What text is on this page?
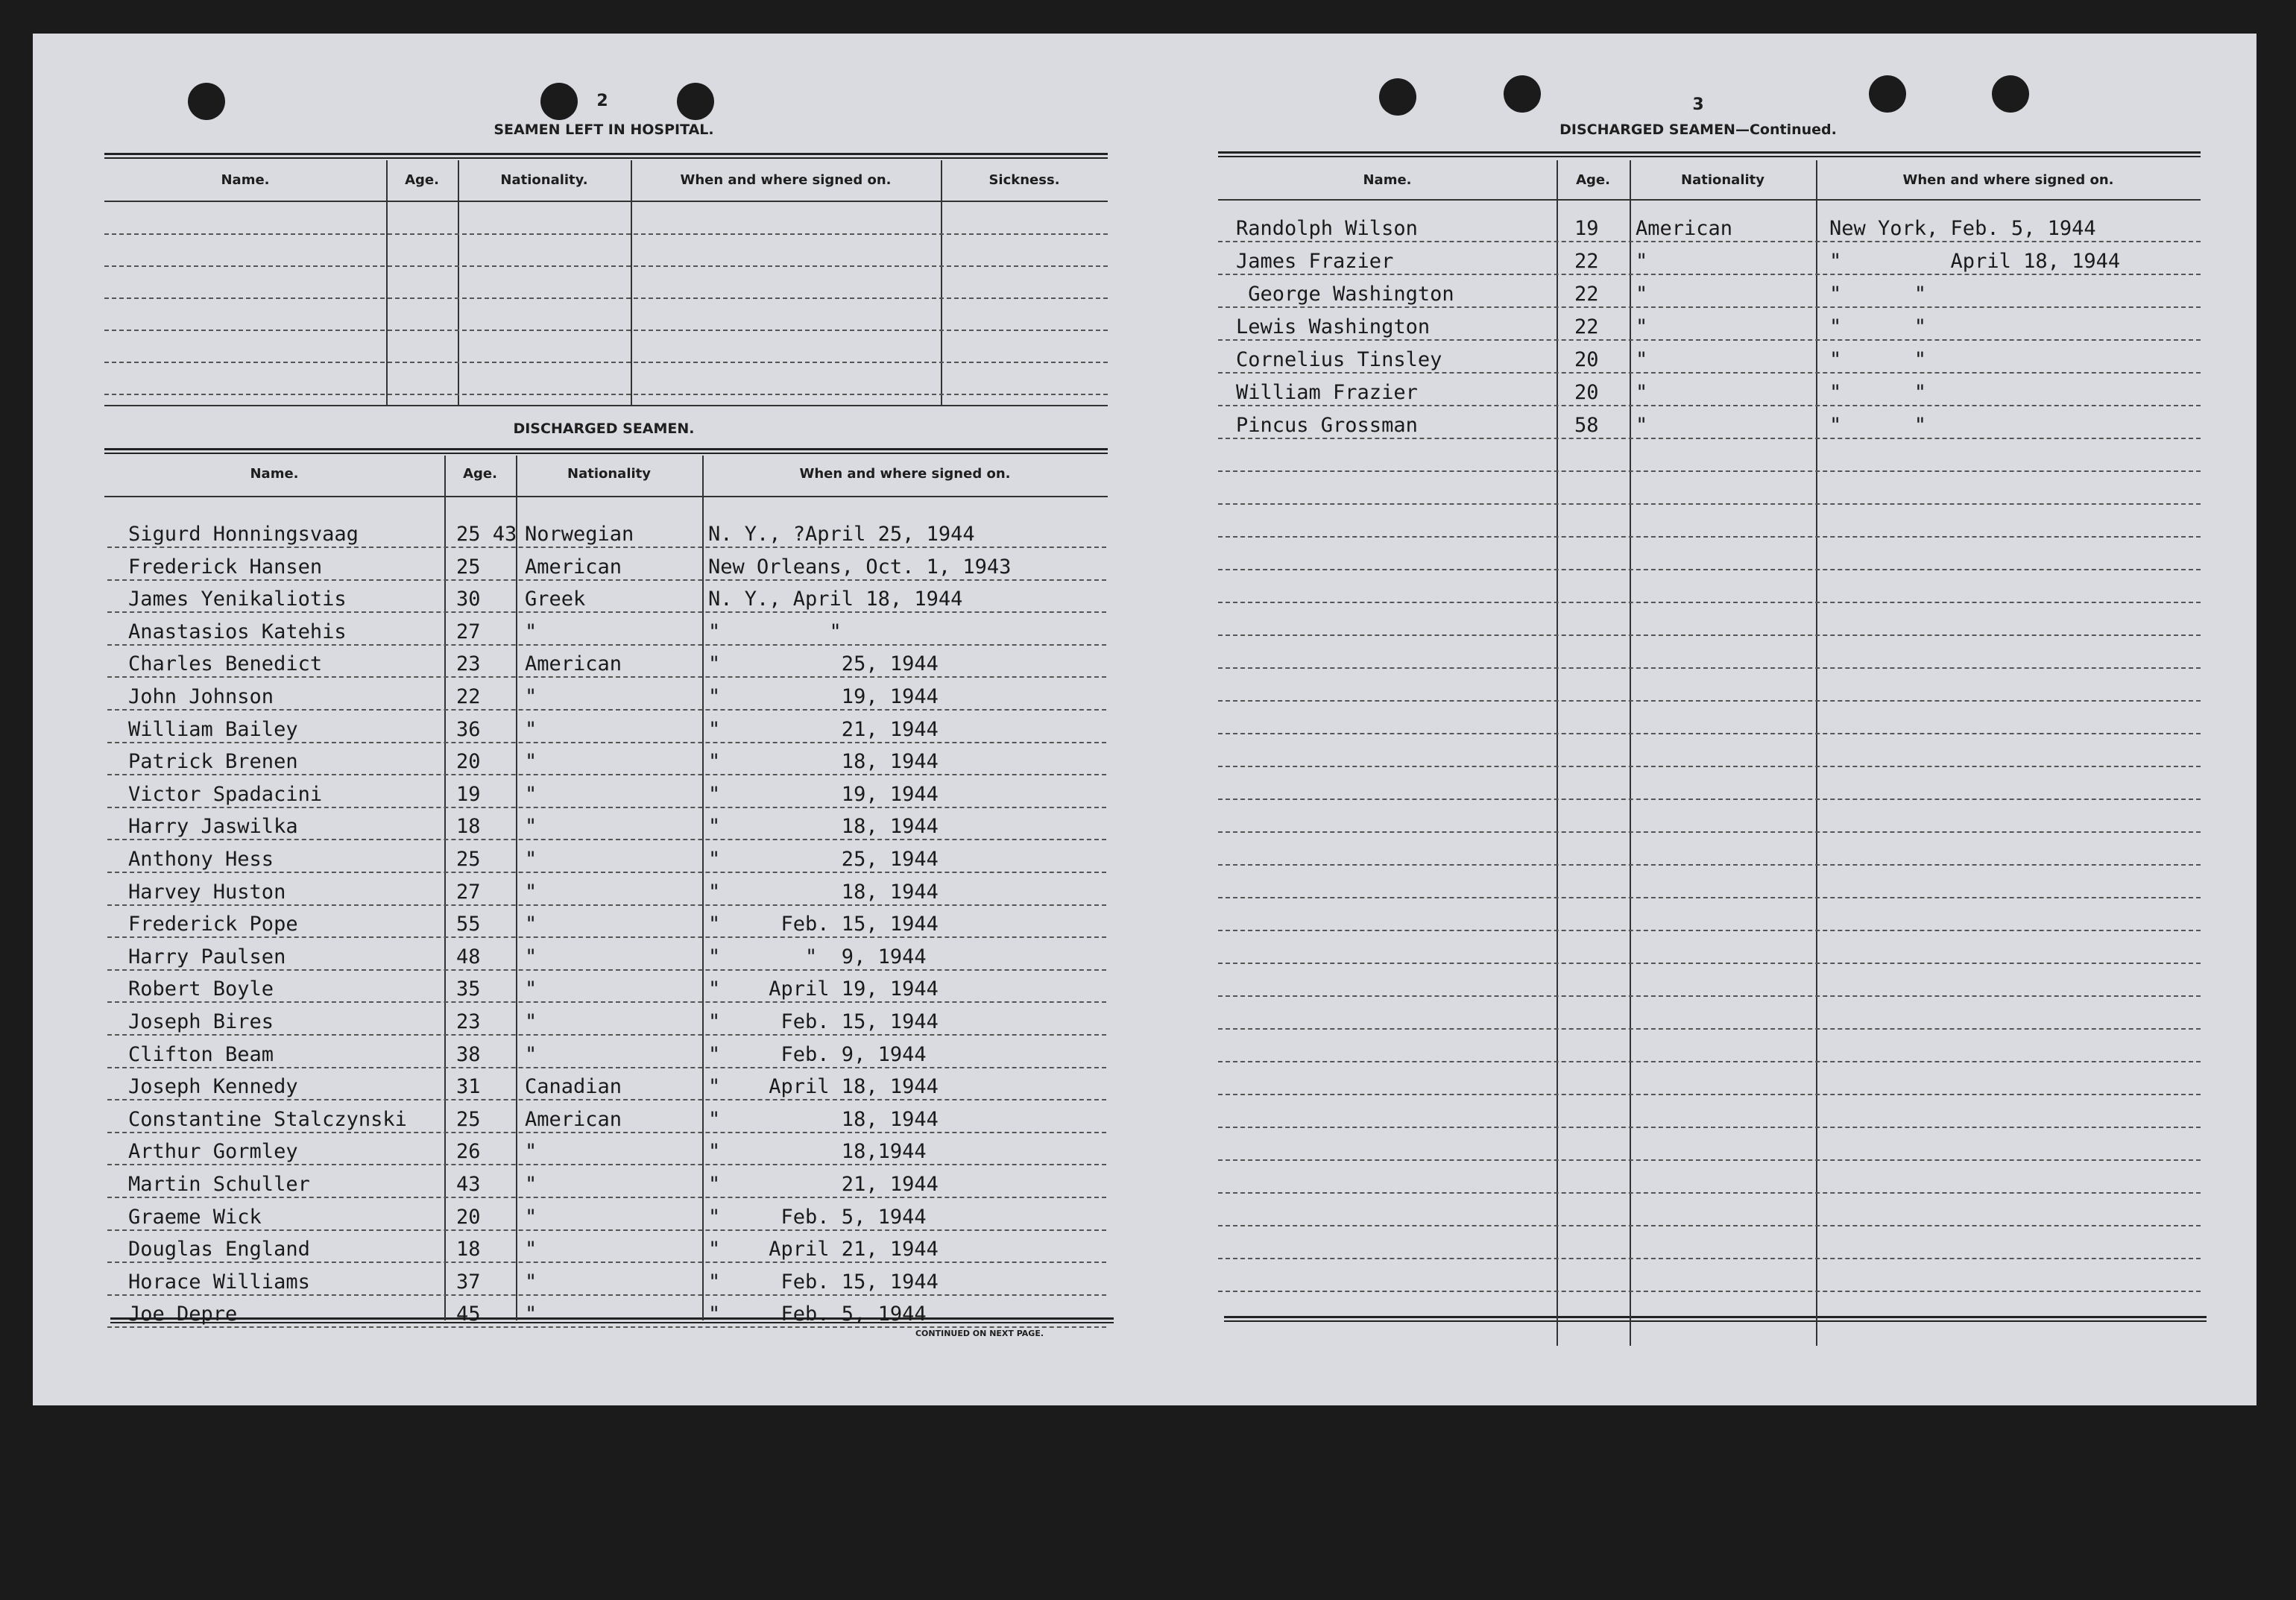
2
SEAMEN LEFT IN HOSPITAL.
DISCHARGED SEAMEN.
CONTINUED ON NEXT PAGE.
Name.	Age.	Nationality.	When and where signed on.	Sickness.
Name.	Age.	Nationality	When and where signed on.
Sigurd Honningsvaag	25 43 Norwegian	N. Y., ?April 25, 1944
Frederick Hansen	25 American	New Orleans, Oct. 1, 1943
James Yenikaliotis	30 Greek	N. Y., April 18, 1944
Anastasios Katehis	27 "	"         "
Charles Benedict	23 American	"          25, 1944
John Johnson	22 "	"          19, 1944
William Bailey	36 "	"          21, 1944
Patrick Brenen	20 "	"          18, 1944
Victor Spadacini	19 "	"          19, 1944
Harry Jaswilka	18 "	"          18, 1944
Anthony Hess	25 "	"          25, 1944
Harvey Huston	27 "	"          18, 1944
Frederick Pope	55 "	"     Feb. 15, 1944
Harry Paulsen	48 "	"       "  9, 1944
Robert Boyle	35 "	"    April 19, 1944
Joseph Bires	23 "	"     Feb. 15, 1944
Clifton Beam	38 "	"     Feb. 9, 1944
Joseph Kennedy	31 Canadian	"    April 18, 1944
Constantine Stalczynski 25 American	"          18, 1944
Arthur Gormley	26 "	"          18,1944
Martin Schuller	43 "	"          21, 1944
Graeme Wick	20 "	"     Feb. 5, 1944
Douglas England	18 "	"    April 21, 1944
Horace Williams	37 "	"     Feb. 15, 1944
Joe Depre	45 "	"     Feb. 5, 1944
3
DISCHARGED SEAMEN—Continued.
Name.	Age.	Nationality	When and where signed on.
Randolph Wilson	19 American	New York, Feb. 5, 1944
James Frazier	22 "	"         April 18, 1944
George Washington	22 "	"      "
Lewis Washington	22 "	"      "
Cornelius Tinsley	20 "	"      "
William Frazier	20 "	"      "
Pincus Grossman	58 "	"      "
